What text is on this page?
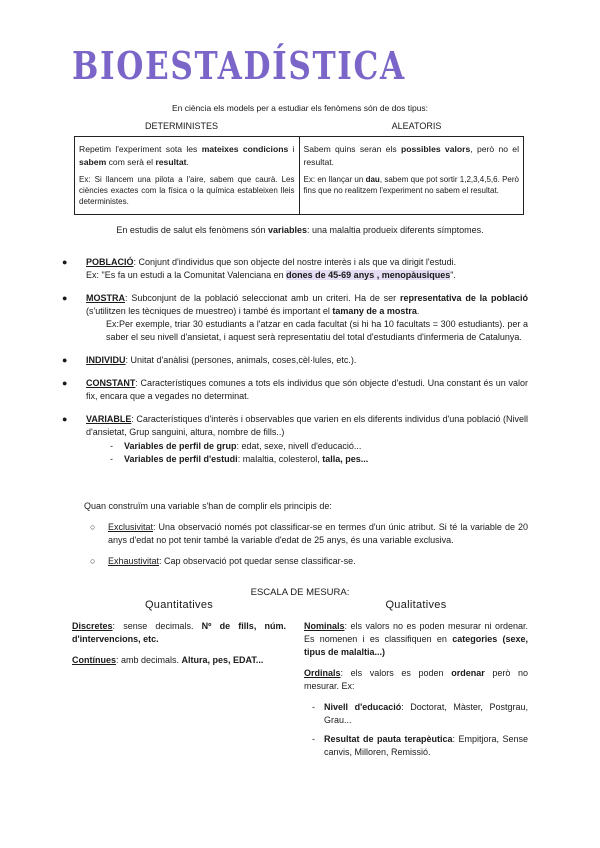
BIOESTADÍSTICA
En ciència els models per a estudiar els fenòmens són de dos tipus:
DETERMINISTES	ALEATORIS
Repetim l'experiment sota les mateixes condicions i sabem com serà el resultat.
Ex: Si llancem una pilota a l'aire, sabem que caurà. Les ciències exactes com la física o la química estableixen lleis deterministes.
Sabem quins seran els possibles valors, però no el resultat.
Ex: en llançar un dau, sabem que pot sortir 1,2,3,4,5,6. Però fins que no realitzem l'experiment no sabem el resultat.
En estudis de salut els fenòmens són variables: una malaltia produeix diferents símptomes.
● POBLACIÓ: Conjunt d'individus que son objecte del nostre interès i als que va dirigit l'estudi.
Ex: "Es fa un estudi a la Comunitat Valenciana en dones de 45-69 anys , menopàusiques".
● MOSTRA: Subconjunt de la població seleccionat amb un criteri. Ha de ser representativa de la població (s'utilitzen les tècniques de muestreo) i també és important el tamany de a mostra.
Ex:Per exemple, triar 30 estudiants a l'atzar en cada facultat (si hi ha 10 facultats = 300 estudiants). per a saber el seu nivell d'ansietat, i aquest serà representatiu del total d'estudiants d'infermeria de Catalunya.
● INDIVIDU: Unitat d'anàlisi (persones, animals, coses,cèl·lules, etc.).
● CONSTANT: Característiques comunes a tots els individus que són objecte d'estudi. Una constant és un valor fix, encara que a vegades no determinat.
● VARIABLE: Característiques d'interès i observables que varien en els diferents individus d'una població (Nivell d'ansietat, Grup sanguini, altura, nombre de fills..)
- Variables de perfil de grup: edat, sexe, nivell d'educació...
- Variables de perfil d'estudi: malaltia, colesterol, talla, pes...
Quan construïm una variable s'han de complir els principis de:
○ Exclusivitat: Una observació només pot classificar-se en termes d'un únic atribut. Si té la variable de 20 anys d'edat no pot tenir també la variable d'edat de 25 anys, és una variable exclusiva.
○ Exhaustivitat: Cap observació pot quedar sense classificar-se.
ESCALA DE MESURA:
Quantitatives
Discretes: sense decimals. Nº de fills, núm. d'intervencions, etc.
Contínues: amb decimals. Altura, pes, EDAT...
Qualitatives
Nominals: els valors no es poden mesurar ni ordenar. Es nomenen i es classifiquen en categories (sexe, tipus de malaltia...)
Ordinals: els valors es poden ordenar però no mesurar. Ex:
- Nivell d'educació: Doctorat, Màster, Postgrau, Grau...
- Resultat de pauta terapèutica: Empitjora, Sense canvis, Milloren, Remissió.
